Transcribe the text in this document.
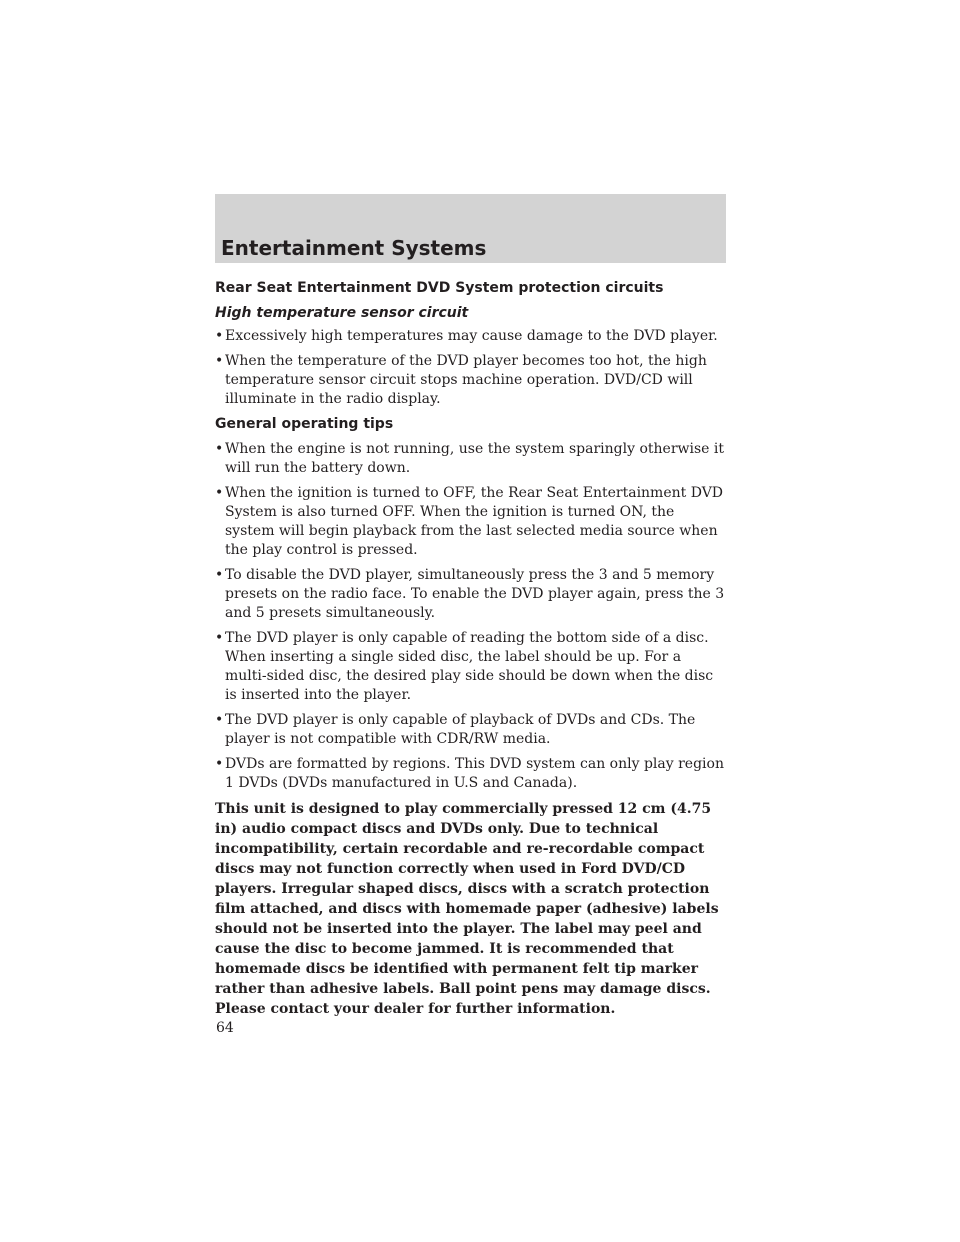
Entertainment Systems
Rear Seat Entertainment DVD System protection circuits
High temperature sensor circuit
• Excessively high temperatures may cause damage to the DVD player.
• When the temperature of the DVD player becomes too hot, the high temperature sensor circuit stops machine operation. DVD/CD will illuminate in the radio display.
General operating tips
• When the engine is not running, use the system sparingly otherwise it will run the battery down.
• When the ignition is turned to OFF, the Rear Seat Entertainment DVD System is also turned OFF. When the ignition is turned ON, the system will begin playback from the last selected media source when the play control is pressed.
• To disable the DVD player, simultaneously press the 3 and 5 memory presets on the radio face. To enable the DVD player again, press the 3 and 5 presets simultaneously.
• The DVD player is only capable of reading the bottom side of a disc. When inserting a single sided disc, the label should be up. For a multi-sided disc, the desired play side should be down when the disc is inserted into the player.
• The DVD player is only capable of playback of DVDs and CDs. The player is not compatible with CDR/RW media.
• DVDs are formatted by regions. This DVD system can only play region 1 DVDs (DVDs manufactured in U.S and Canada).

This unit is designed to play commercially pressed 12 cm (4.75 in) audio compact discs and DVDs only. Due to technical incompatibility, certain recordable and re-recordable compact discs may not function correctly when used in Ford DVD/CD players. Irregular shaped discs, discs with a scratch protection film attached, and discs with homemade paper (adhesive) labels should not be inserted into the player. The label may peel and cause the disc to become jammed. It is recommended that homemade discs be identified with permanent felt tip marker rather than adhesive labels. Ball point pens may damage discs. Please contact your dealer for further information.

64
